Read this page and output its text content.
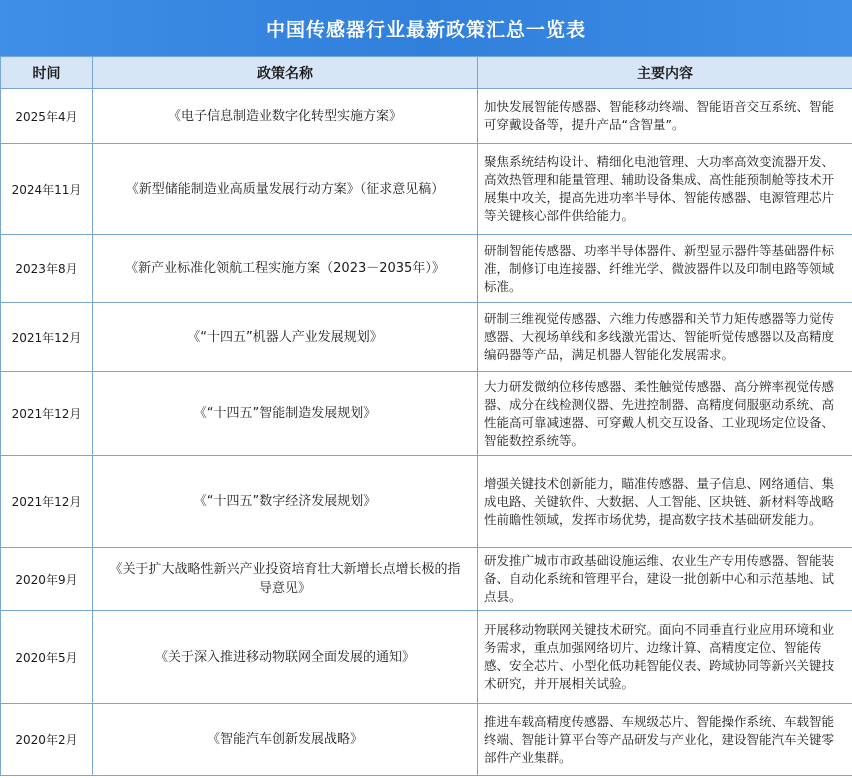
中国传感器行业最新政策汇总一览表
时间	政策名称	主要内容
2025年4月	《电子信息制造业数字化转型实施方案》	加快发展智能传感器、智能移动终端、智能语音交互系统、智能可穿戴设备等，提升产品“含智量”。
2024年11月	《新型储能制造业高质量发展行动方案》（征求意见稿）	聚焦系统结构设计、精细化电池管理、大功率高效变流器开发、高效热管理和能量管理、辅助设备集成、高性能预制舱等技术开展集中攻关，提高先进功率半导体、智能传感器、电源管理芯片等关键核心部件供给能力。
2023年8月	《新产业标准化领航工程实施方案（2023－2035年）》	研制智能传感器、功率半导体器件、新型显示器件等基础器件标准，制修订电连接器、纤维光学、微波器件以及印制电路等领域标准。
2021年12月	《“十四五”机器人产业发展规划》	研制三维视觉传感器、六维力传感器和关节力矩传感器等力觉传感器、大视场单线和多线激光雷达、智能听觉传感器以及高精度编码器等产品，满足机器人智能化发展需求。
2021年12月	《“十四五”智能制造发展规划》	大力研发微纳位移传感器、柔性触觉传感器、高分辨率视觉传感器、成分在线检测仪器、先进控制器、高精度伺服驱动系统、高性能高可靠减速器、可穿戴人机交互设备、工业现场定位设备、智能数控系统等。
2021年12月	《“十四五”数字经济发展规划》	增强关键技术创新能力，瞄准传感器、量子信息、网络通信、集成电路、关键软件、大数据、人工智能、区块链、新材料等战略性前瞻性领域，发挥市场优势，提高数字技术基础研发能力。
2020年9月	《关于扩大战略性新兴产业投资培育壮大新增长点增长极的指导意见》	研发推广城市市政基础设施运维、农业生产专用传感器、智能装备、自动化系统和管理平台，建设一批创新中心和示范基地、试点县。
2020年5月	《关于深入推进移动物联网全面发展的通知》	开展移动物联网关键技术研究。面向不同垂直行业应用环境和业务需求，重点加强网络切片、边缘计算、高精度定位、智能传感、安全芯片、小型化低功耗智能仪表、跨域协同等新兴关键技术研究，并开展相关试验。
2020年2月	《智能汽车创新发展战略》	推进车载高精度传感器、车规级芯片、智能操作系统、车载智能终端、智能计算平台等产品研发与产业化，建设智能汽车关键零部件产业集群。
